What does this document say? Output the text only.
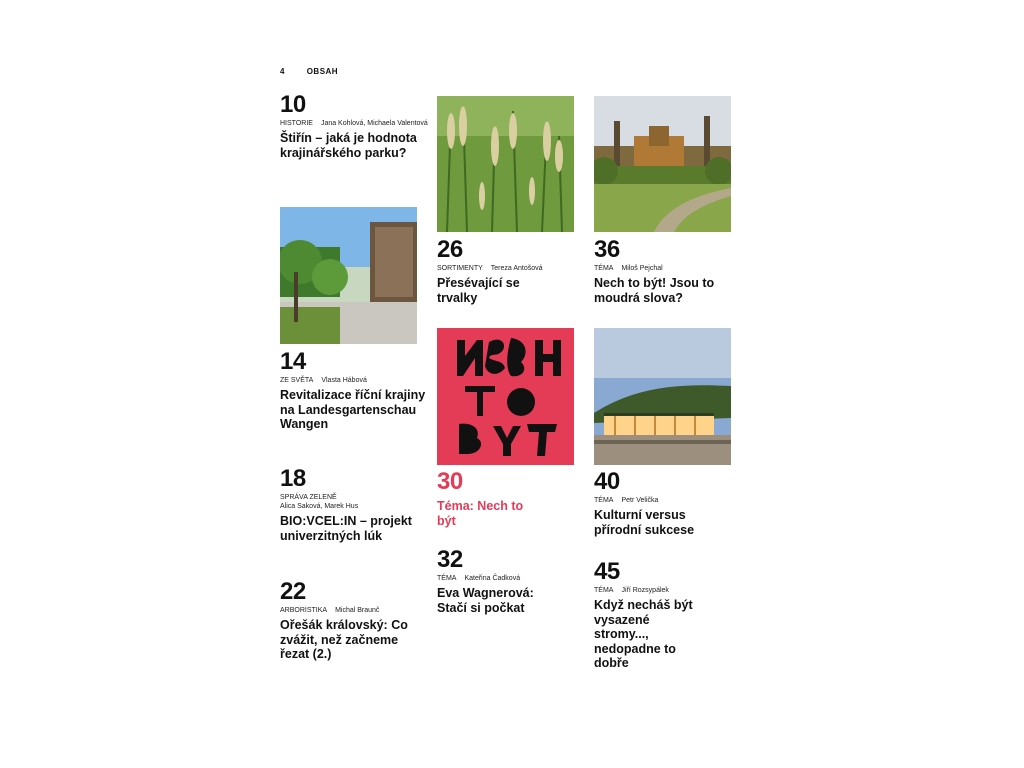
4	OBSAH
10
HISTORIE Jana Kohlová, Michaela Valentová
Štiřín – jaká je hodnota krajinářského parku?
14
ZE SVĚTA Vlasta Hábová
Revitalizace říční krajiny na Landesgartenschau Wangen
18
SPRÁVA ZELENĚ
Alica Saková, Marek Hus
BIO:VCEL:IN – projekt univerzitných lúk
22
ARBORISTIKA Michal Braunč
Ořešák královský: Co zvážit, než začneme řezat (2.)
26
SORTIMENTY Tereza Antošová
Přesévající se trvalky
30
Téma: Nech to být
32
TÉMA Kateřina Čadková
Eva Wagnerová: Stačí si počkat
36
TÉMA Miloš Pejchal
Nech to být! Jsou to moudrá slova?
40
TÉMA Petr Velička
Kulturní versus přírodní sukcese
45
TÉMA Jiří Rozsypálek
Když necháš být vysazené stromy..., nedopadne to dobře
